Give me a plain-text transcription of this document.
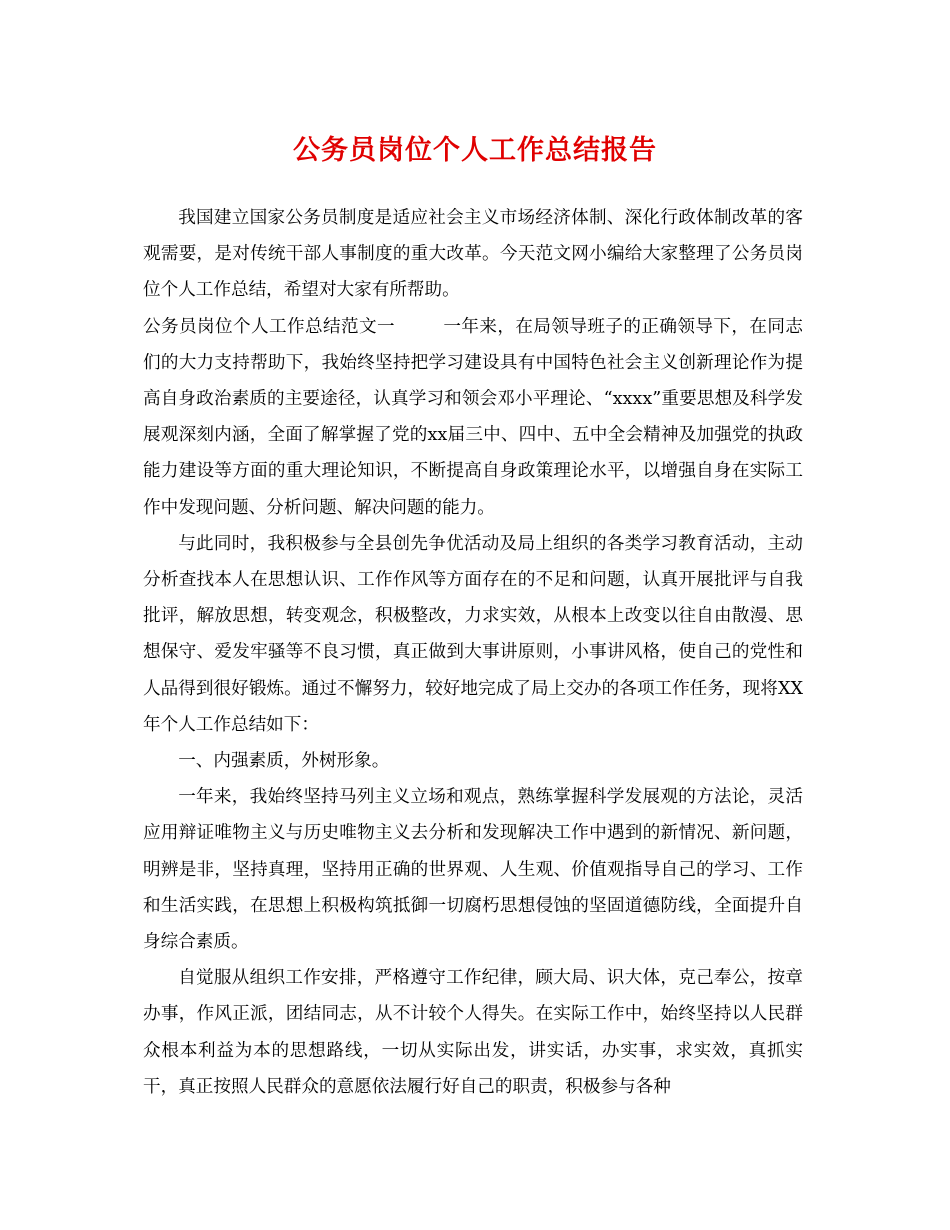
公务员岗位个人工作总结报告

我国建立国家公务员制度是适应社会主义市场经济体制、深化行政体制改革的客观需要，是对传统干部人事制度的重大改革。今天范文网小编给大家整理了公务员岗位个人工作总结，希望对大家有所帮助。

公务员岗位个人工作总结范文一	一年来，在局领导班子的正确领导下，在同志们的大力支持帮助下，我始终坚持把学习建设具有中国特色社会主义创新理论作为提高自身政治素质的主要途径，认真学习和领会邓小平理论、“xxxx”重要思想及科学发展观深刻内涵，全面了解掌握了党的xx届三中、四中、五中全会精神及加强党的执政能力建设等方面的重大理论知识，不断提高自身政策理论水平，以增强自身在实际工作中发现问题、分析问题、解决问题的能力。

与此同时，我积极参与全县创先争优活动及局上组织的各类学习教育活动，主动分析查找本人在思想认识、工作作风等方面存在的不足和问题，认真开展批评与自我批评，解放思想，转变观念，积极整改，力求实效，从根本上改变以往自由散漫、思想保守、爱发牢骚等不良习惯，真正做到大事讲原则，小事讲风格，使自己的党性和人品得到很好锻炼。通过不懈努力，较好地完成了局上交办的各项工作任务，现将XX年个人工作总结如下：

一、内强素质，外树形象。

一年来，我始终坚持马列主义立场和观点，熟练掌握科学发展观的方法论，灵活应用辩证唯物主义与历史唯物主义去分析和发现解决工作中遇到的新情况、新问题，明辨是非，坚持真理，坚持用正确的世界观、人生观、价值观指导自己的学习、工作和生活实践，在思想上积极构筑抵御一切腐朽思想侵蚀的坚固道德防线，全面提升自身综合素质。

自觉服从组织工作安排，严格遵守工作纪律，顾大局、识大体，克己奉公，按章办事，作风正派，团结同志，从不计较个人得失。在实际工作中，始终坚持以人民群众根本利益为本的思想路线，一切从实际出发，讲实话，办实事，求实效，真抓实干，真正按照人民群众的意愿依法履行好自己的职责，积极参与各种
